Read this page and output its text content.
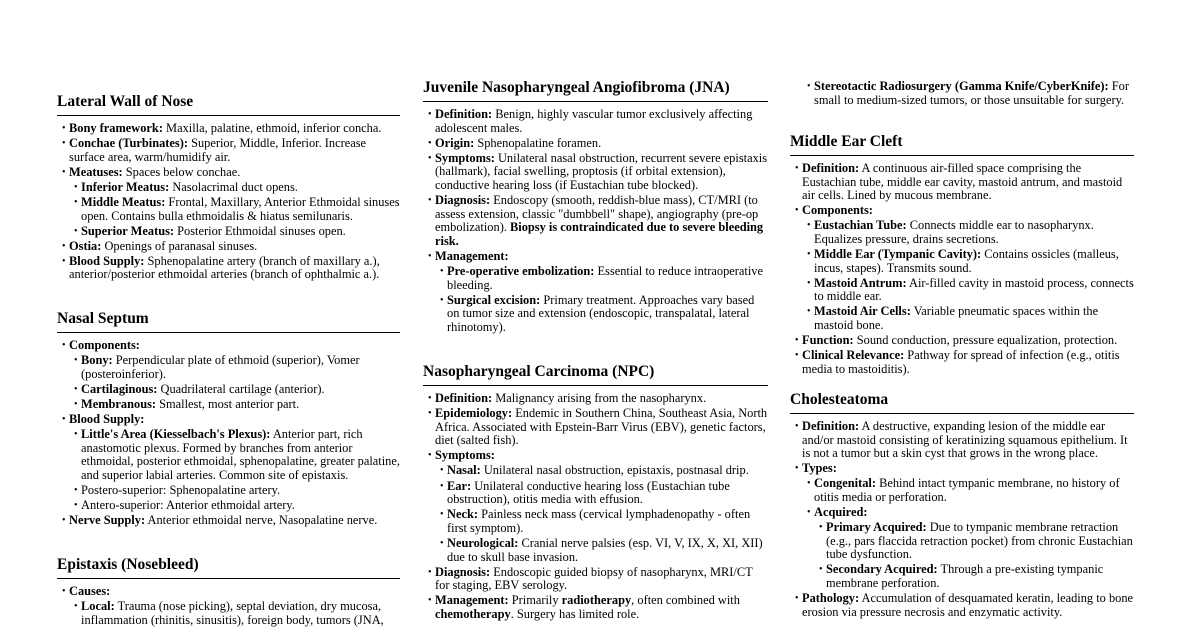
Lateral Wall of Nose
• Bony framework: Maxilla, palatine, ethmoid, inferior concha.
• Conchae (Turbinates): Superior, Middle, Inferior. Increase surface area, warm/humidify air.
• Meatuses: Spaces below conchae.
• Inferior Meatus: Nasolacrimal duct opens.
• Middle Meatus: Frontal, Maxillary, Anterior Ethmoidal sinuses open. Contains bulla ethmoidalis & hiatus semilunaris.
• Superior Meatus: Posterior Ethmoidal sinuses open.
• Ostia: Openings of paranasal sinuses.
• Blood Supply: Sphenopalatine artery (branch of maxillary a.), anterior/posterior ethmoidal arteries (branch of ophthalmic a.).
Nasal Septum
• Components:
• Bony: Perpendicular plate of ethmoid (superior), Vomer (posteroinferior).
• Cartilaginous: Quadrilateral cartilage (anterior).
• Membranous: Smallest, most anterior part.
• Blood Supply:
• Little's Area (Kiesselbach's Plexus): Anterior part, rich anastomotic plexus. Formed by branches from anterior ethmoidal, posterior ethmoidal, sphenopalatine, greater palatine, and superior labial arteries. Common site of epistaxis.
• Postero-superior: Sphenopalatine artery.
• Antero-superior: Anterior ethmoidal artery.
• Nerve Supply: Anterior ethmoidal nerve, Nasopalatine nerve.
Epistaxis (Nosebleed)
• Causes:
• Local: Trauma (nose picking), septal deviation, dry mucosa, inflammation (rhinitis, sinusitis), foreign body, tumors (JNA,
Juvenile Nasopharyngeal Angiofibroma (JNA)
• Definition: Benign, highly vascular tumor exclusively affecting adolescent males.
• Origin: Sphenopalatine foramen.
• Symptoms: Unilateral nasal obstruction, recurrent severe epistaxis (hallmark), facial swelling, proptosis (if orbital extension), conductive hearing loss (if Eustachian tube blocked).
• Diagnosis: Endoscopy (smooth, reddish-blue mass), CT/MRI (to assess extension, classic "dumbbell" shape), angiography (pre-op embolization). Biopsy is contraindicated due to severe bleeding risk.
• Management:
• Pre-operative embolization: Essential to reduce intraoperative bleeding.
• Surgical excision: Primary treatment. Approaches vary based on tumor size and extension (endoscopic, transpalatal, lateral rhinotomy).
Nasopharyngeal Carcinoma (NPC)
• Definition: Malignancy arising from the nasopharynx.
• Epidemiology: Endemic in Southern China, Southeast Asia, North Africa. Associated with Epstein-Barr Virus (EBV), genetic factors, diet (salted fish).
• Symptoms:
• Nasal: Unilateral nasal obstruction, epistaxis, postnasal drip.
• Ear: Unilateral conductive hearing loss (Eustachian tube obstruction), otitis media with effusion.
• Neck: Painless neck mass (cervical lymphadenopathy - often first symptom).
• Neurological: Cranial nerve palsies (esp. VI, V, IX, X, XI, XII) due to skull base invasion.
• Diagnosis: Endoscopic guided biopsy of nasopharynx, MRI/CT for staging, EBV serology.
• Management: Primarily radiotherapy, often combined with chemotherapy. Surgery has limited role.
• Stereotactic Radiosurgery (Gamma Knife/CyberKnife): For small to medium-sized tumors, or those unsuitable for surgery.
Middle Ear Cleft
• Definition: A continuous air-filled space comprising the Eustachian tube, middle ear cavity, mastoid antrum, and mastoid air cells. Lined by mucous membrane.
• Components:
• Eustachian Tube: Connects middle ear to nasopharynx. Equalizes pressure, drains secretions.
• Middle Ear (Tympanic Cavity): Contains ossicles (malleus, incus, stapes). Transmits sound.
• Mastoid Antrum: Air-filled cavity in mastoid process, connects to middle ear.
• Mastoid Air Cells: Variable pneumatic spaces within the mastoid bone.
• Function: Sound conduction, pressure equalization, protection.
• Clinical Relevance: Pathway for spread of infection (e.g., otitis media to mastoiditis).
Cholesteatoma
• Definition: A destructive, expanding lesion of the middle ear and/or mastoid consisting of keratinizing squamous epithelium. It is not a tumor but a skin cyst that grows in the wrong place.
• Types:
• Congenital: Behind intact tympanic membrane, no history of otitis media or perforation.
• Acquired:
• Primary Acquired: Due to tympanic membrane retraction (e.g., pars flaccida retraction pocket) from chronic Eustachian tube dysfunction.
• Secondary Acquired: Through a pre-existing tympanic membrane perforation.
• Pathology: Accumulation of desquamated keratin, leading to bone erosion via pressure necrosis and enzymatic activity.
